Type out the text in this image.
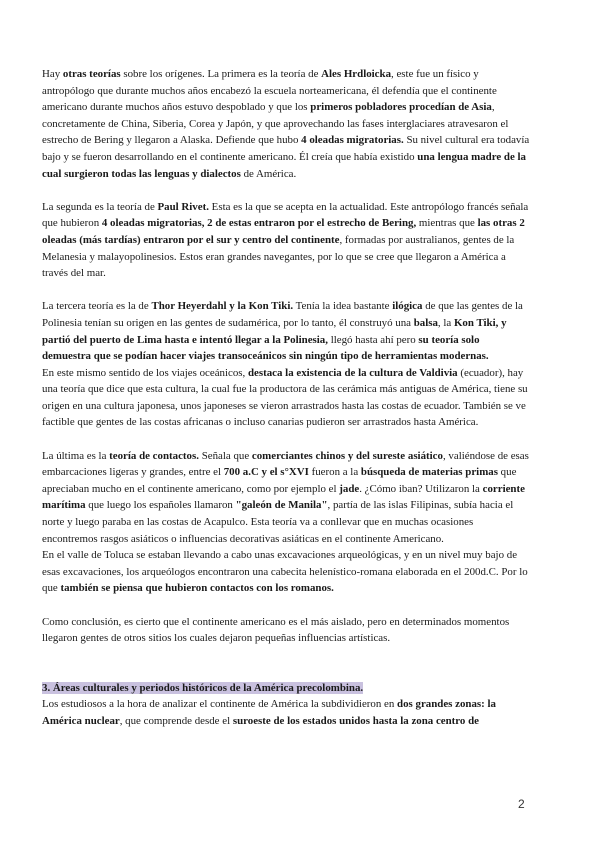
Hay otras teorías sobre los orígenes. La primera es la teoría de Ales Hrdloicka, este fue un físico y antropólogo que durante muchos años encabezó la escuela norteamericana, él defendía que el continente americano durante muchos años estuvo despoblado y que los primeros pobladores procedían de Asia, concretamente de China, Siberia, Corea y Japón, y que aprovechando las fases interglaciares atravesaron el estrecho de Bering y llegaron a Alaska. Defiende que hubo 4 oleadas migratorias. Su nivel cultural era todavía bajo y se fueron desarrollando en el continente americano. Él creía que había existido una lengua madre de la cual surgieron todas las lenguas y dialectos de América.

La segunda es la teoría de Paul Rivet. Esta es la que se acepta en la actualidad. Este antropólogo francés señala que hubieron 4 oleadas migratorias, 2 de estas entraron por el estrecho de Bering, mientras que las otras 2 oleadas (más tardías) entraron por el sur y centro del continente, formadas por australianos, gentes de la Melanesia y malayopolinesios. Estos eran grandes navegantes, por lo que se cree que llegaron a América a través del mar.

La tercera teoría es la de Thor Heyerdahl y la Kon Tiki. Tenía la idea bastante ilógica de que las gentes de la Polinesia tenían su origen en las gentes de sudamérica, por lo tanto, él construyó una balsa, la Kon Tiki, y partió del puerto de Lima hasta e intentó llegar a la Polinesia, llegó hasta ahí pero su teoría solo demuestra que se podían hacer viajes transoceánicos sin ningún tipo de herramientas modernas.

En este mismo sentido de los viajes oceánicos, destaca la existencia de la cultura de Valdivia (ecuador), hay una teoría que dice que esta cultura, la cual fue la productora de las cerámica más antiguas de América, tiene su origen en una cultura japonesa, unos japoneses se vieron arrastrados hasta las costas de ecuador. También se ve factible que gentes de las costas africanas o incluso canarias pudieron ser arrastrados hasta América.

La última es la teoría de contactos. Señala que comerciantes chinos y del sureste asiático, valiéndose de esas embarcaciones ligeras y grandes, entre el 700 a.C y el s°XVI fueron a la búsqueda de materias primas que apreciaban mucho en el continente americano, como por ejemplo el jade. ¿Cómo iban? Utilizaron la corriente marítima que luego los españoles llamaron "galeón de Manila", partía de las islas Filipinas, subía hacia el norte y luego paraba en las costas de Acapulco. Esta teoría va a conllevar que en muchas ocasiones encontremos rasgos asiáticos o influencias decorativas asiáticas en el continente Americano.

En el valle de Toluca se estaban llevando a cabo unas excavaciones arqueológicas, y en un nivel muy bajo de esas excavaciones, los arqueólogos encontraron una cabecita helenístico-romana elaborada en el 200d.C. Por lo que también se piensa que hubieron contactos con los romanos.

Como conclusión, es cierto que el continente americano es el más aislado, pero en determinados momentos llegaron gentes de otros sitios los cuales dejaron pequeñas influencias artísticas.

3. Áreas culturales y periodos históricos de la América precolombina.

Los estudiosos a la hora de analizar el continente de América la subdividieron en dos grandes zonas: la América nuclear, que comprende desde el suroeste de los estados unidos hasta la zona centro de

2
